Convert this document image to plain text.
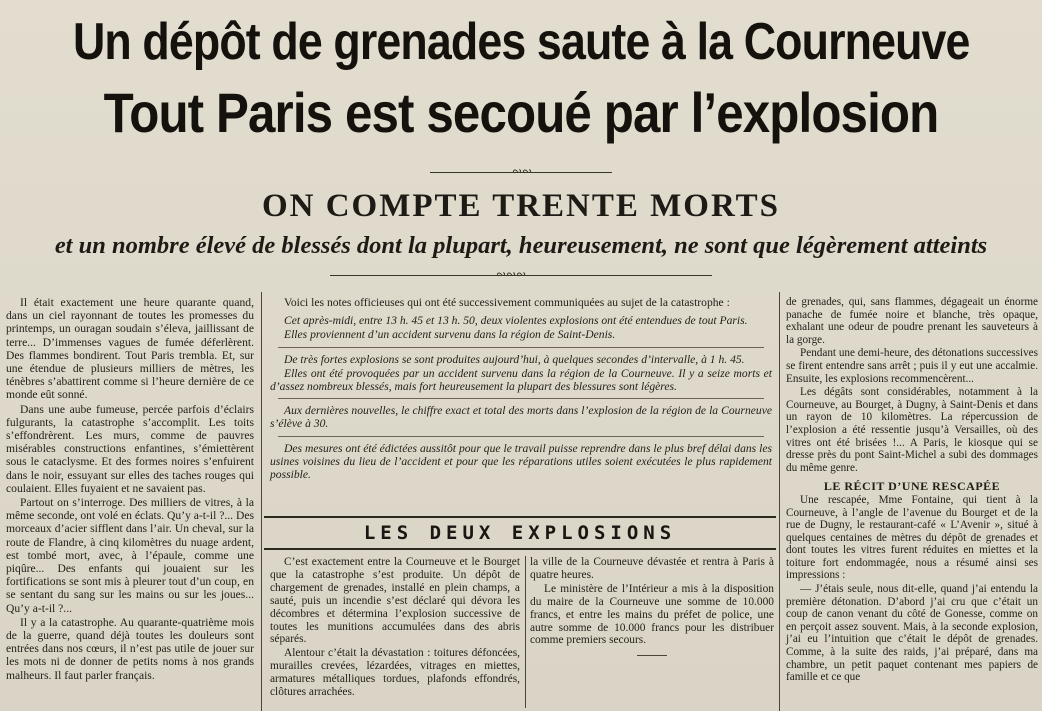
Un dépôt de grenades saute à la Courneuve
Tout Paris est secoué par l’explosion
∾∾
ON COMPTE TRENTE MORTS
et un nombre élevé de blessés dont la plupart, heureusement, ne sont que légèrement atteints
∾∾∾

Il était exactement une heure quarante quand, dans un ciel rayonnant de toutes les promesses du printemps, un ouragan soudain s’éleva, jaillissant de terre... D’immenses vagues de fumée déferlèrent. Des flammes bondirent. Tout Paris trembla. Et, sur une étendue de plusieurs milliers de mètres, les ténèbres s’abattirent comme si l’heure dernière de ce monde eût sonné.

Dans une aube fumeuse, percée parfois d’éclairs fulgurants, la catastrophe s’accomplit. Les toits s’effondrèrent. Les murs, comme de pauvres misérables constructions enfantines, s’émiettèrent sous le cataclysme. Et des formes noires s’enfuirent dans le noir, essuyant sur elles des taches rouges qui coulaient. Elles fuyaient et ne savaient pas.

Partout on s’interroge. Des milliers de vitres, à la même seconde, ont volé en éclats. Qu’y a-t-il ?... Des morceaux d’acier sifflent dans l’air. Un cheval, sur la route de Flandre, à cinq kilomètres du nuage ardent, est tombé mort, avec, à l’épaule, comme une piqûre... Des enfants qui jouaient sur les fortifications se sont mis à pleurer tout d’un coup, en se sentant du sang sur les mains ou sur les joues... Qu’y a-t-il ?...

Il y a la catastrophe. Au quarante-quatrième mois de la guerre, quand déjà toutes les douleurs sont entrées dans nos cœurs, il n’est pas utile de jouer sur les mots ni de donner de petits noms à nos grands malheurs. Il faut parler français.

Voici les notes officieuses qui ont été successivement communiquées au sujet de la catastrophe :

Cet après-midi, entre 13 h. 45 et 13 h. 50, deux violentes explosions ont été entendues de tout Paris.

Elles proviennent d’un accident survenu dans la région de Saint-Denis.

De très fortes explosions se sont produites aujourd’hui, à quelques secondes d’intervalle, à 1 h. 45.

Elles ont été provoquées par un accident survenu dans la région de la Courneuve. Il y a seize morts et d’assez nombreux blessés, mais fort heureusement la plupart des blessures sont légères.

Aux dernières nouvelles, le chiffre exact et total des morts dans l’explosion de la région de la Courneuve s’élève à 30.

Des mesures ont été édictées aussitôt pour que le travail puisse reprendre dans le plus bref délai dans les usines voisines du lieu de l’accident et pour que les réparations utiles soient exécutées le plus rapidement possible.

LES DEUX EXPLOSIONS

C’est exactement entre la Courneuve et le Bourget que la catastrophe s’est produite. Un dépôt de chargement de grenades, installé en plein champs, a sauté, puis un incendie s’est déclaré qui dévora les décombres et détermina l’explosion successive de toutes les munitions accumulées dans des abris séparés.

Alentour c’était la dévastation : toitures défoncées, murailles crevées, lézardées, vitrages en miettes, armatures métalliques tordues, plafonds effondrés, clôtures arrachées.

la ville de la Courneuve dévastée et rentra à Paris à quatre heures.

Le ministère de l’Intérieur a mis à la disposition du maire de la Courneuve une somme de 10.000 francs, et entre les mains du préfet de police, une autre somme de 10.000 francs pour les distribuer comme premiers secours.

de grenades, qui, sans flammes, dégageait un énorme panache de fumée noire et blanche, très opaque, exhalant une odeur de poudre prenant les sauveteurs à la gorge.

Pendant une demi-heure, des détonations successives se firent entendre sans arrêt ; puis il y eut une accalmie. Ensuite, les explosions recommencèrent...

Les dégâts sont considérables, notamment à la Courneuve, au Bourget, à Dugny, à Saint-Denis et dans un rayon de 10 kilomètres. La répercussion de l’explosion a été ressentie jusqu’à Versailles, où des vitres ont été brisées !... A Paris, le kiosque qui se dresse près du pont Saint-Michel a subi des dommages du même genre.

LE RÉCIT D’UNE RESCAPÉE

Une rescapée, Mme Fontaine, qui tient à la Courneuve, à l’angle de l’avenue du Bourget et de la rue de Dugny, le restaurant-café « L’Avenir », situé à quelques centaines de mètres du dépôt de grenades et dont toutes les vitres furent réduites en miettes et la toiture fort endommagée, nous a résumé ainsi ses impressions :

— J’étais seule, nous dit-elle, quand j’ai entendu la première détonation. D’abord j’ai cru que c’était un coup de canon venant du côté de Gonesse, comme on en perçoit assez souvent. Mais, à la seconde explosion, j’ai eu l’intuition que c’était le dépôt de grenades. Comme, à la suite des raids, j’ai préparé, dans ma chambre, un petit paquet contenant mes papiers de famille et ce que
